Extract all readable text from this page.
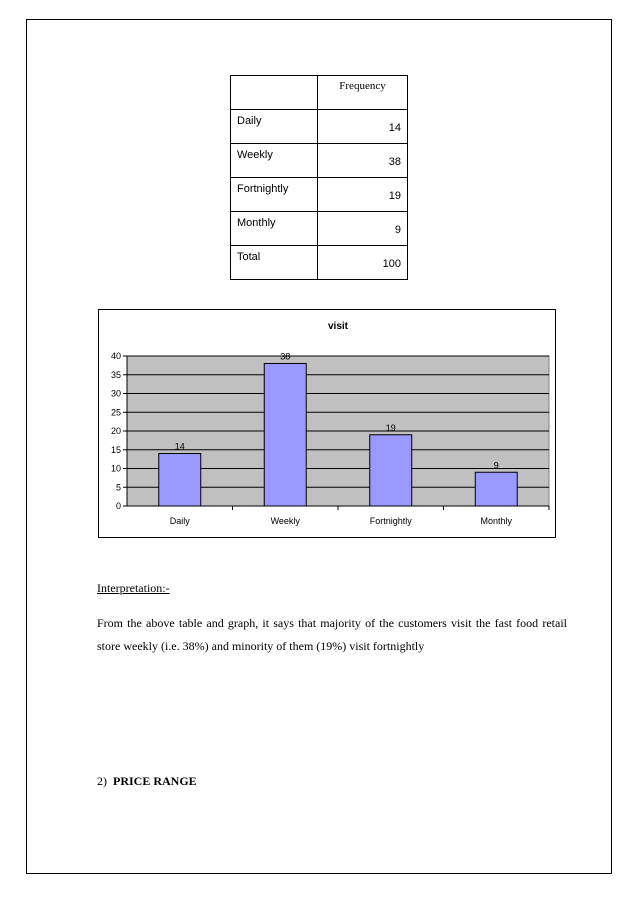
	Frequency
Daily	14
Weekly	38
Fortnightly	19
Monthly	9
Total	100
visit
0
5
10
15
20
25
30
35
40
14
Daily
38
Weekly
19
Fortnightly
9
Monthly
Interpretation:-
From the above table and graph, it says that majority of the customers visit the fast food retail store weekly (i.e. 38%) and minority of them (19%) visit fortnightly
2) PRICE RANGE
